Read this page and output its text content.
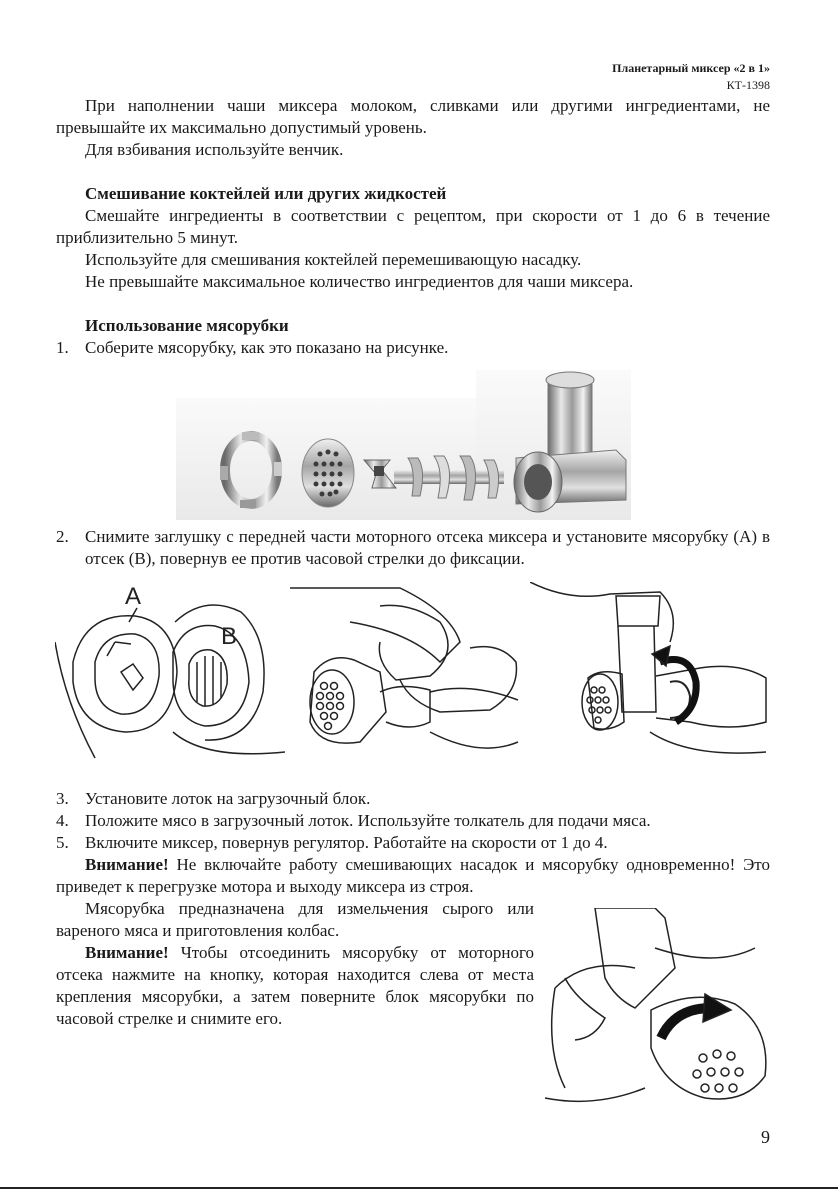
Планетарный миксер «2 в 1»
КТ-1398

При наполнении чаши миксера молоком, сливками или другими ингредиентами, не превышайте их максимально допустимый уровень.

Для взбивания используйте венчик.

Смешивание коктейлей или других жидкостей

Смешайте ингредиенты в соответствии с рецептом, при скорости от 1 до 6 в течение приблизительно 5 минут.

Используйте для смешивания коктейлей перемешивающую насадку.

Не превышайте максимальное количество ингредиентов для чаши миксера.

Использование мясорубки

1. Соберите мясорубку, как это показано на рисунке.

2. Снимите заглушку с передней части моторного отсека миксера и установите мясорубку (А) в отсек (В), повернув ее против часовой стрелки до фиксации.

A
B

3. Установите лоток на загрузочный блок.

4. Положите мясо в загрузочный лоток. Используйте толкатель для подачи мяса.

5. Включите миксер, повернув регулятор. Работайте на скорости от 1 до 4.

Внимание! Не включайте работу смешивающих насадок и мясорубку одновременно! Это приведет к перегрузке мотора и выходу миксера из строя.

Мясорубка предназначена для измельчения сырого или вареного мяса и приготовления колбас.

Внимание! Чтобы отсоединить мясорубку от моторного отсека нажмите на кнопку, которая находится слева от места крепления мясорубки, а затем поверните блок мясорубки по часовой стрелке и снимите его.

9
